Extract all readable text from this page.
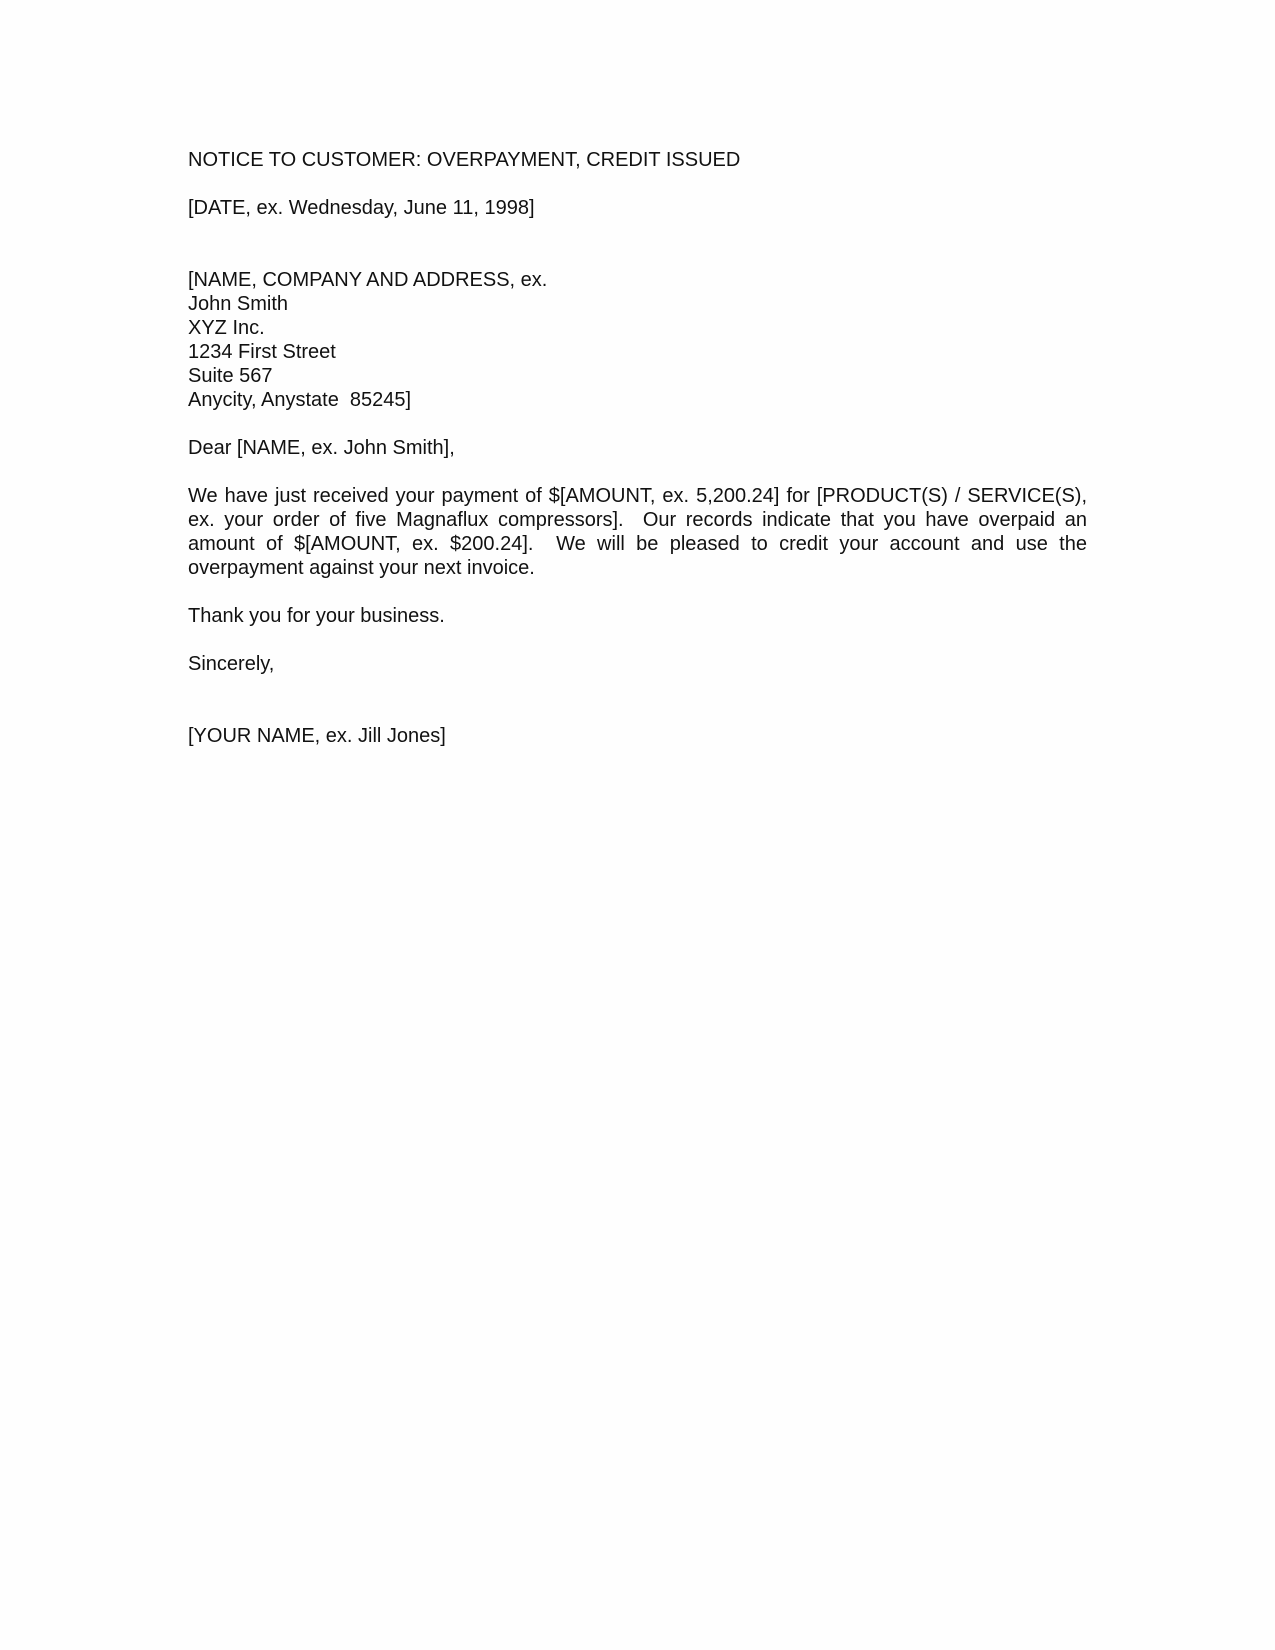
NOTICE TO CUSTOMER: OVERPAYMENT, CREDIT ISSUED
[DATE, ex. Wednesday, June 11, 1998]
[NAME, COMPANY AND ADDRESS, ex.
John Smith
XYZ Inc.
1234 First Street
Suite 567
Anycity, Anystate  85245]
Dear [NAME, ex. John Smith],
We have just received your payment of $[AMOUNT, ex. 5,200.24] for [PRODUCT(S) / SERVICE(S), ex. your order of five Magnaflux compressors].  Our records indicate that you have overpaid an amount of $[AMOUNT, ex. $200.24].  We will be pleased to credit your account and use the overpayment against your next invoice.
Thank you for your business.
Sincerely,
[YOUR NAME, ex. Jill Jones]
